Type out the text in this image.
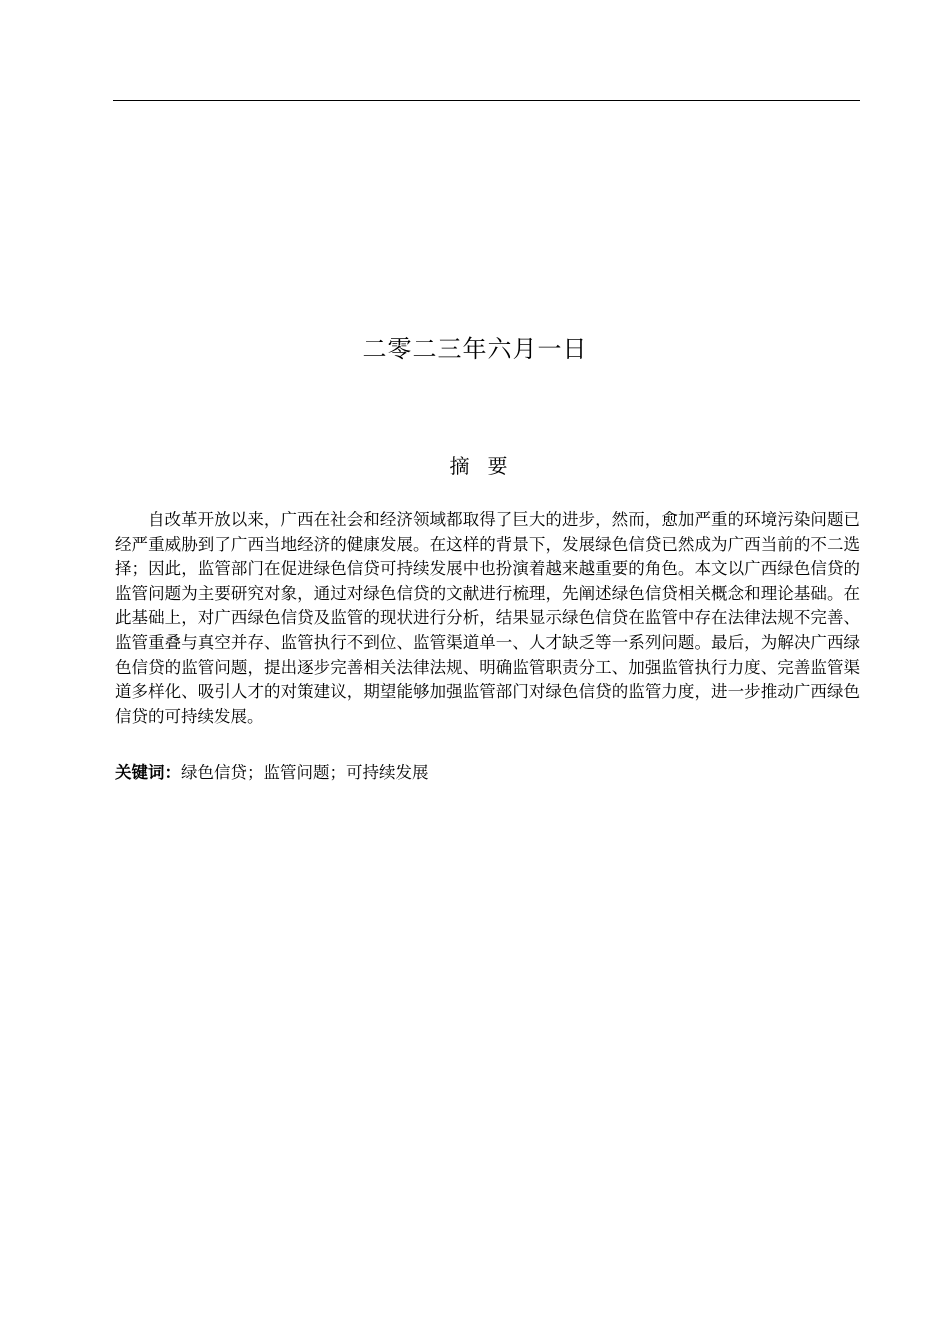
二零二三年六月一日
摘要

自改革开放以来，广西在社会和经济领域都取得了巨大的进步，然而，愈加严重的环境污染问题已经严重威胁到了广西当地经济的健康发展。在这样的背景下，发展绿色信贷已然成为广西当前的不二选择；因此，监管部门在促进绿色信贷可持续发展中也扮演着越来越重要的角色。本文以广西绿色信贷的监管问题为主要研究对象，通过对绿色信贷的文献进行梳理，先阐述绿色信贷相关概念和理论基础。在此基础上，对广西绿色信贷及监管的现状进行分析，结果显示绿色信贷在监管中存在法律法规不完善、监管重叠与真空并存、监管执行不到位、监管渠道单一、人才缺乏等一系列问题。最后，为解决广西绿色信贷的监管问题，提出逐步完善相关法律法规、明确监管职责分工、加强监管执行力度、完善监管渠道多样化、吸引人才的对策建议，期望能够加强监管部门对绿色信贷的监管力度，进一步推动广西绿色信贷的可持续发展。

关键词：绿色信贷；监管问题；可持续发展
